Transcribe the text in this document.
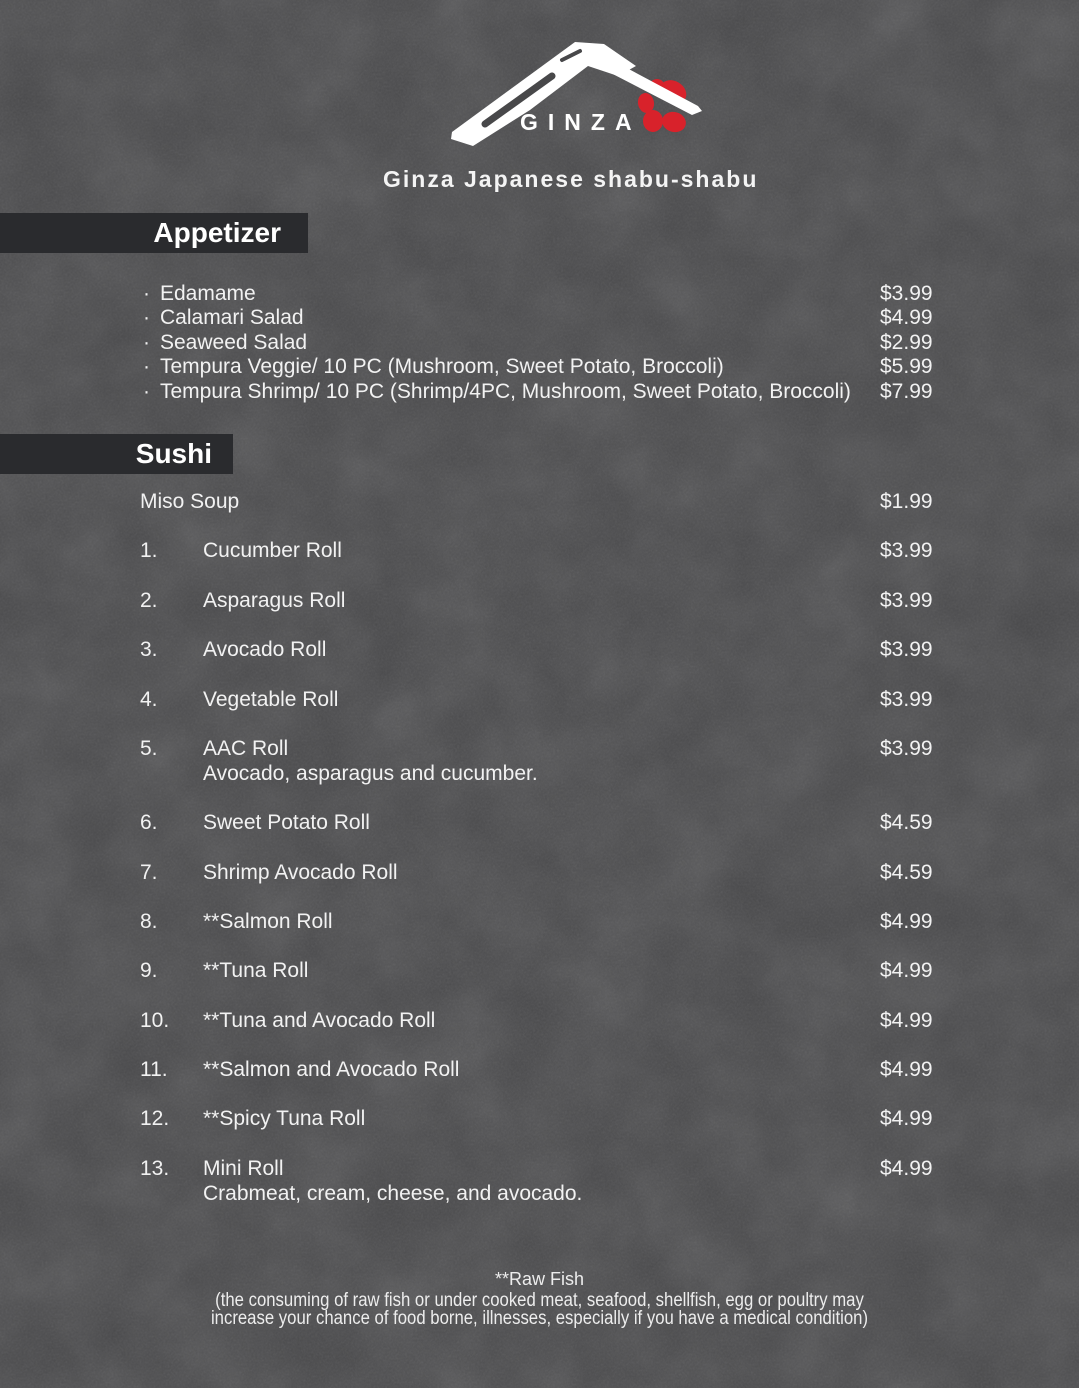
GINZA
Ginza Japanese shabu-shabu
Appetizer
· Edamame	$3.99
· Calamari Salad	$4.99
· Seaweed Salad	$2.99
· Tempura Veggie/ 10 PC (Mushroom, Sweet Potato, Broccoli)	$5.99
· Tempura Shrimp/ 10 PC (Shrimp/4PC, Mushroom, Sweet Potato, Broccoli)	$7.99
Sushi
Miso Soup	$1.99
1.	Cucumber Roll	$3.99
2.	Asparagus Roll	$3.99
3.	Avocado Roll	$3.99
4.	Vegetable Roll	$3.99
5.	AAC Roll	$3.99
Avocado, asparagus and cucumber.
6.	Sweet Potato Roll	$4.59
7.	Shrimp Avocado Roll	$4.59
8.	**Salmon Roll	$4.99
9.	**Tuna Roll	$4.99
10.	**Tuna and Avocado Roll	$4.99
11.	**Salmon and Avocado Roll	$4.99
12.	**Spicy Tuna Roll	$4.99
13.	Mini Roll	$4.99
Crabmeat, cream, cheese, and avocado.
**Raw Fish
(the consuming of raw fish or under cooked meat, seafood, shellfish, egg or poultry may
increase your chance of food borne, illnesses, especially if you have a medical condition)
